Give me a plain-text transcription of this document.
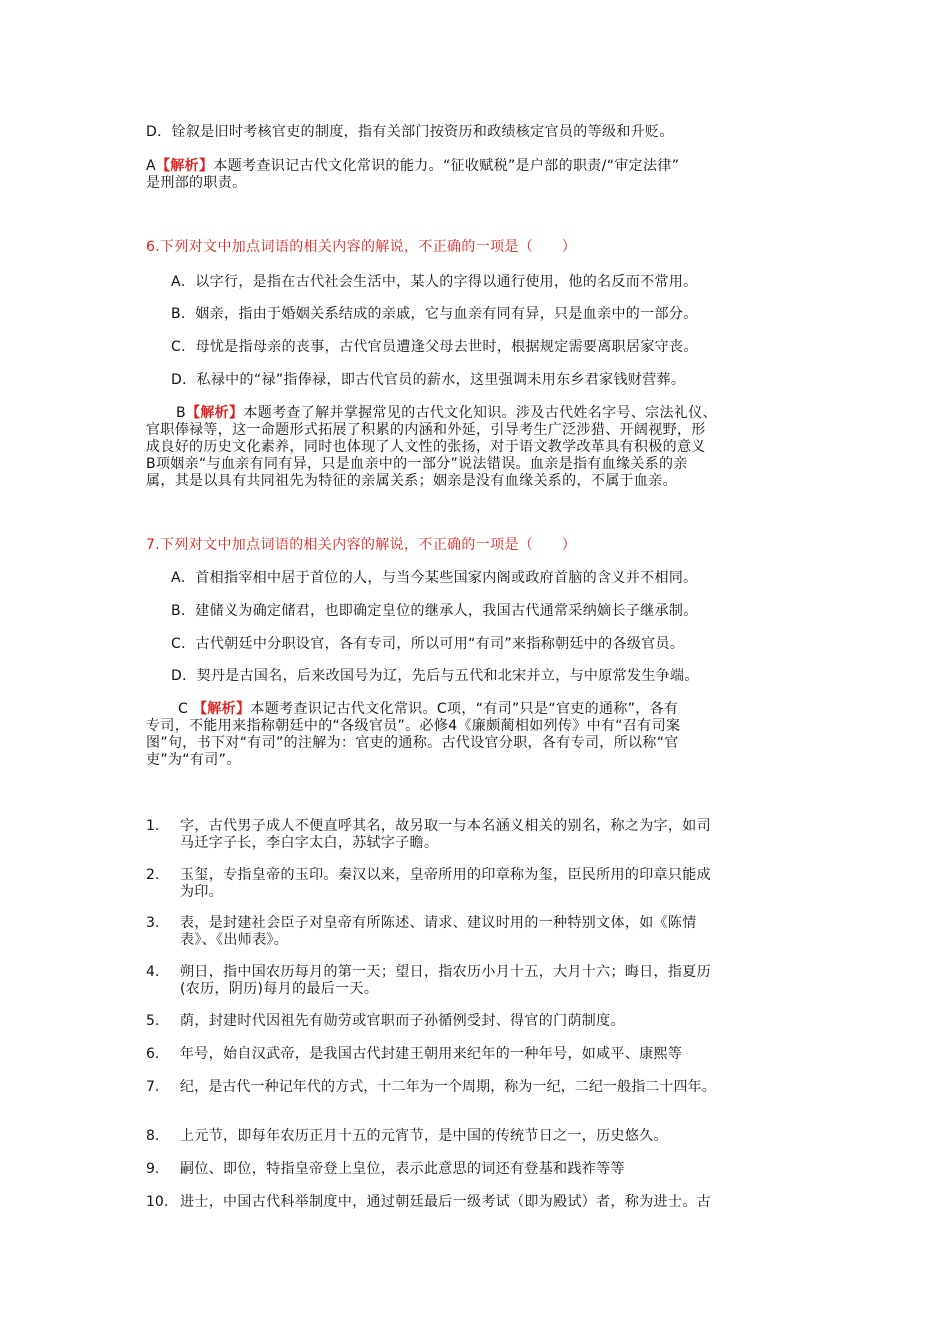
D．铨叙是旧时考核官吏的制度，指有关部门按资历和政绩核定官员的等级和升贬。
A【解析】本题考查识记古代文化常识的能力。“征收赋税”是户部的职责/“审定法律”
是刑部的职责。
6.下列对文中加点词语的相关内容的解说，不正确的一项是（　　）
A．以字行，是指在古代社会生活中，某人的字得以通行使用，他的名反而不常用。
B．姻亲，指由于婚姻关系结成的亲戚，它与血亲有同有异，只是血亲中的一部分。
C．母忧是指母亲的丧事，古代官员遭逢父母去世时，根据规定需要离职居家守丧。
D．私禄中的“禄”指俸禄，即古代官员的薪水，这里强调未用东乡君家钱财营葬。
B【解析】本题考查了解并掌握常见的古代文化知识。涉及古代姓名字号、宗法礼仪、
官职俸禄等，这一命题形式拓展了积累的内涵和外延，引导考生广泛涉猎、开阔视野，形
成良好的历史文化素养，同时也体现了人文性的张扬，对于语文教学改革具有积极的意义
B项姻亲“与血亲有同有异，只是血亲中的一部分”说法错误。血亲是指有血缘关系的亲
属，其是以具有共同祖先为特征的亲属关系；姻亲是没有血缘关系的，不属于血亲。
7.下列对文中加点词语的相关内容的解说，不正确的一项是（　　）
A．首相指宰相中居于首位的人，与当今某些国家内阁或政府首脑的含义并不相同。
B．建储义为确定储君，也即确定皇位的继承人，我国古代通常采纳嫡长子继承制。
C．古代朝廷中分职设官，各有专司，所以可用“有司”来指称朝廷中的各级官员。
D．契丹是古国名，后来改国号为辽，先后与五代和北宋并立，与中原常发生争端。
C 【解析】本题考查识记古代文化常识。C项，“有司”只是“官吏的通称”，各有
专司，不能用来指称朝廷中的“各级官员”。必修4《廉颇蔺相如列传》中有“召有司案
图”句，书下对“有司”的注解为：官吏的通称。古代设官分职，各有专司，所以称“官
吏”为“有司”。
1. 字，古代男子成人不便直呼其名，故另取一与本名涵义相关的别名，称之为字，如司
马迁字子长，李白字太白，苏轼字子瞻。
2. 玉玺，专指皇帝的玉印。秦汉以来，皇帝所用的印章称为玺，臣民所用的印章只能成
为印。
3. 表，是封建社会臣子对皇帝有所陈述、请求、建议时用的一种特别文体，如《陈情
表》、《出师表》。
4. 朔日，指中国农历每月的第一天；望日，指农历小月十五，大月十六；晦日，指夏历
(农历，阴历)每月的最后一天。
5. 荫，封建时代因祖先有勋劳或官职而子孙循例受封、得官的门荫制度。
6. 年号，始自汉武帝，是我国古代封建王朝用来纪年的一种年号，如咸平、康熙等
7. 纪，是古代一种记年代的方式，十二年为一个周期，称为一纪，二纪一般指二十四年。
8. 上元节，即每年农历正月十五的元宵节，是中国的传统节日之一，历史悠久。
9. 嗣位、即位，特指皇帝登上皇位，表示此意思的词还有登基和践祚等等
10. 进士，中国古代科举制度中，通过朝廷最后一级考试（即为殿试）者，称为进士。古
